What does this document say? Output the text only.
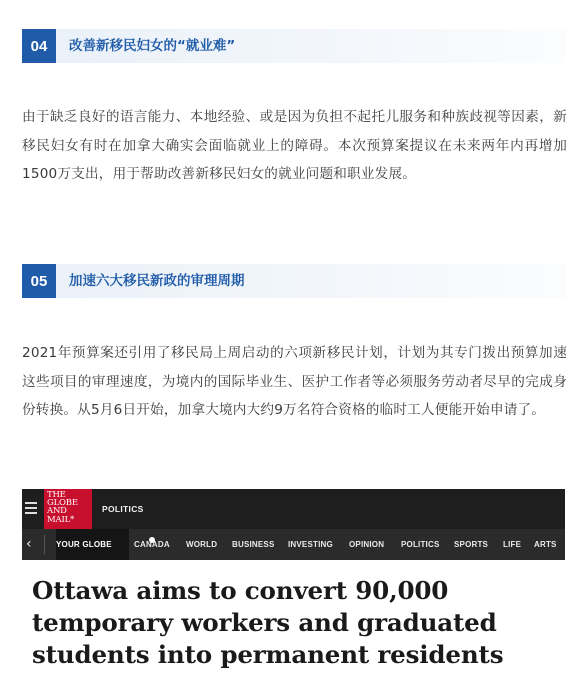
04	改善新移民妇女的“就业难”

由于缺乏良好的语言能力、本地经验、或是因为负担不起托儿服务和种族歧视等因素，新移民妇女有时在加拿大确实会面临就业上的障碍。本次预算案提议在未来两年内再增加1500万支出，用于帮助改善新移民妇女的就业问题和职业发展。

05	加速六大移民新政的审理周期

2021年预算案还引用了移民局上周启动的六项新移民计划，计划为其专门拨出预算加速这些项目的审理速度，为境内的国际毕业生、医护工作者等必须服务劳动者尽早的完成身份转换。从5月6日开始，加拿大境内大约9万名符合资格的临时工人便能开始申请了。

THE
GLOBE
AND
MAIL*
POLITICS
‹	YOUR GLOBE	CANADA WORLD BUSINESS INVESTING OPINION POLITICS SPORTS LIFE ARTS
Ottawa aims to convert 90,000 temporary workers and graduated students into permanent residents
